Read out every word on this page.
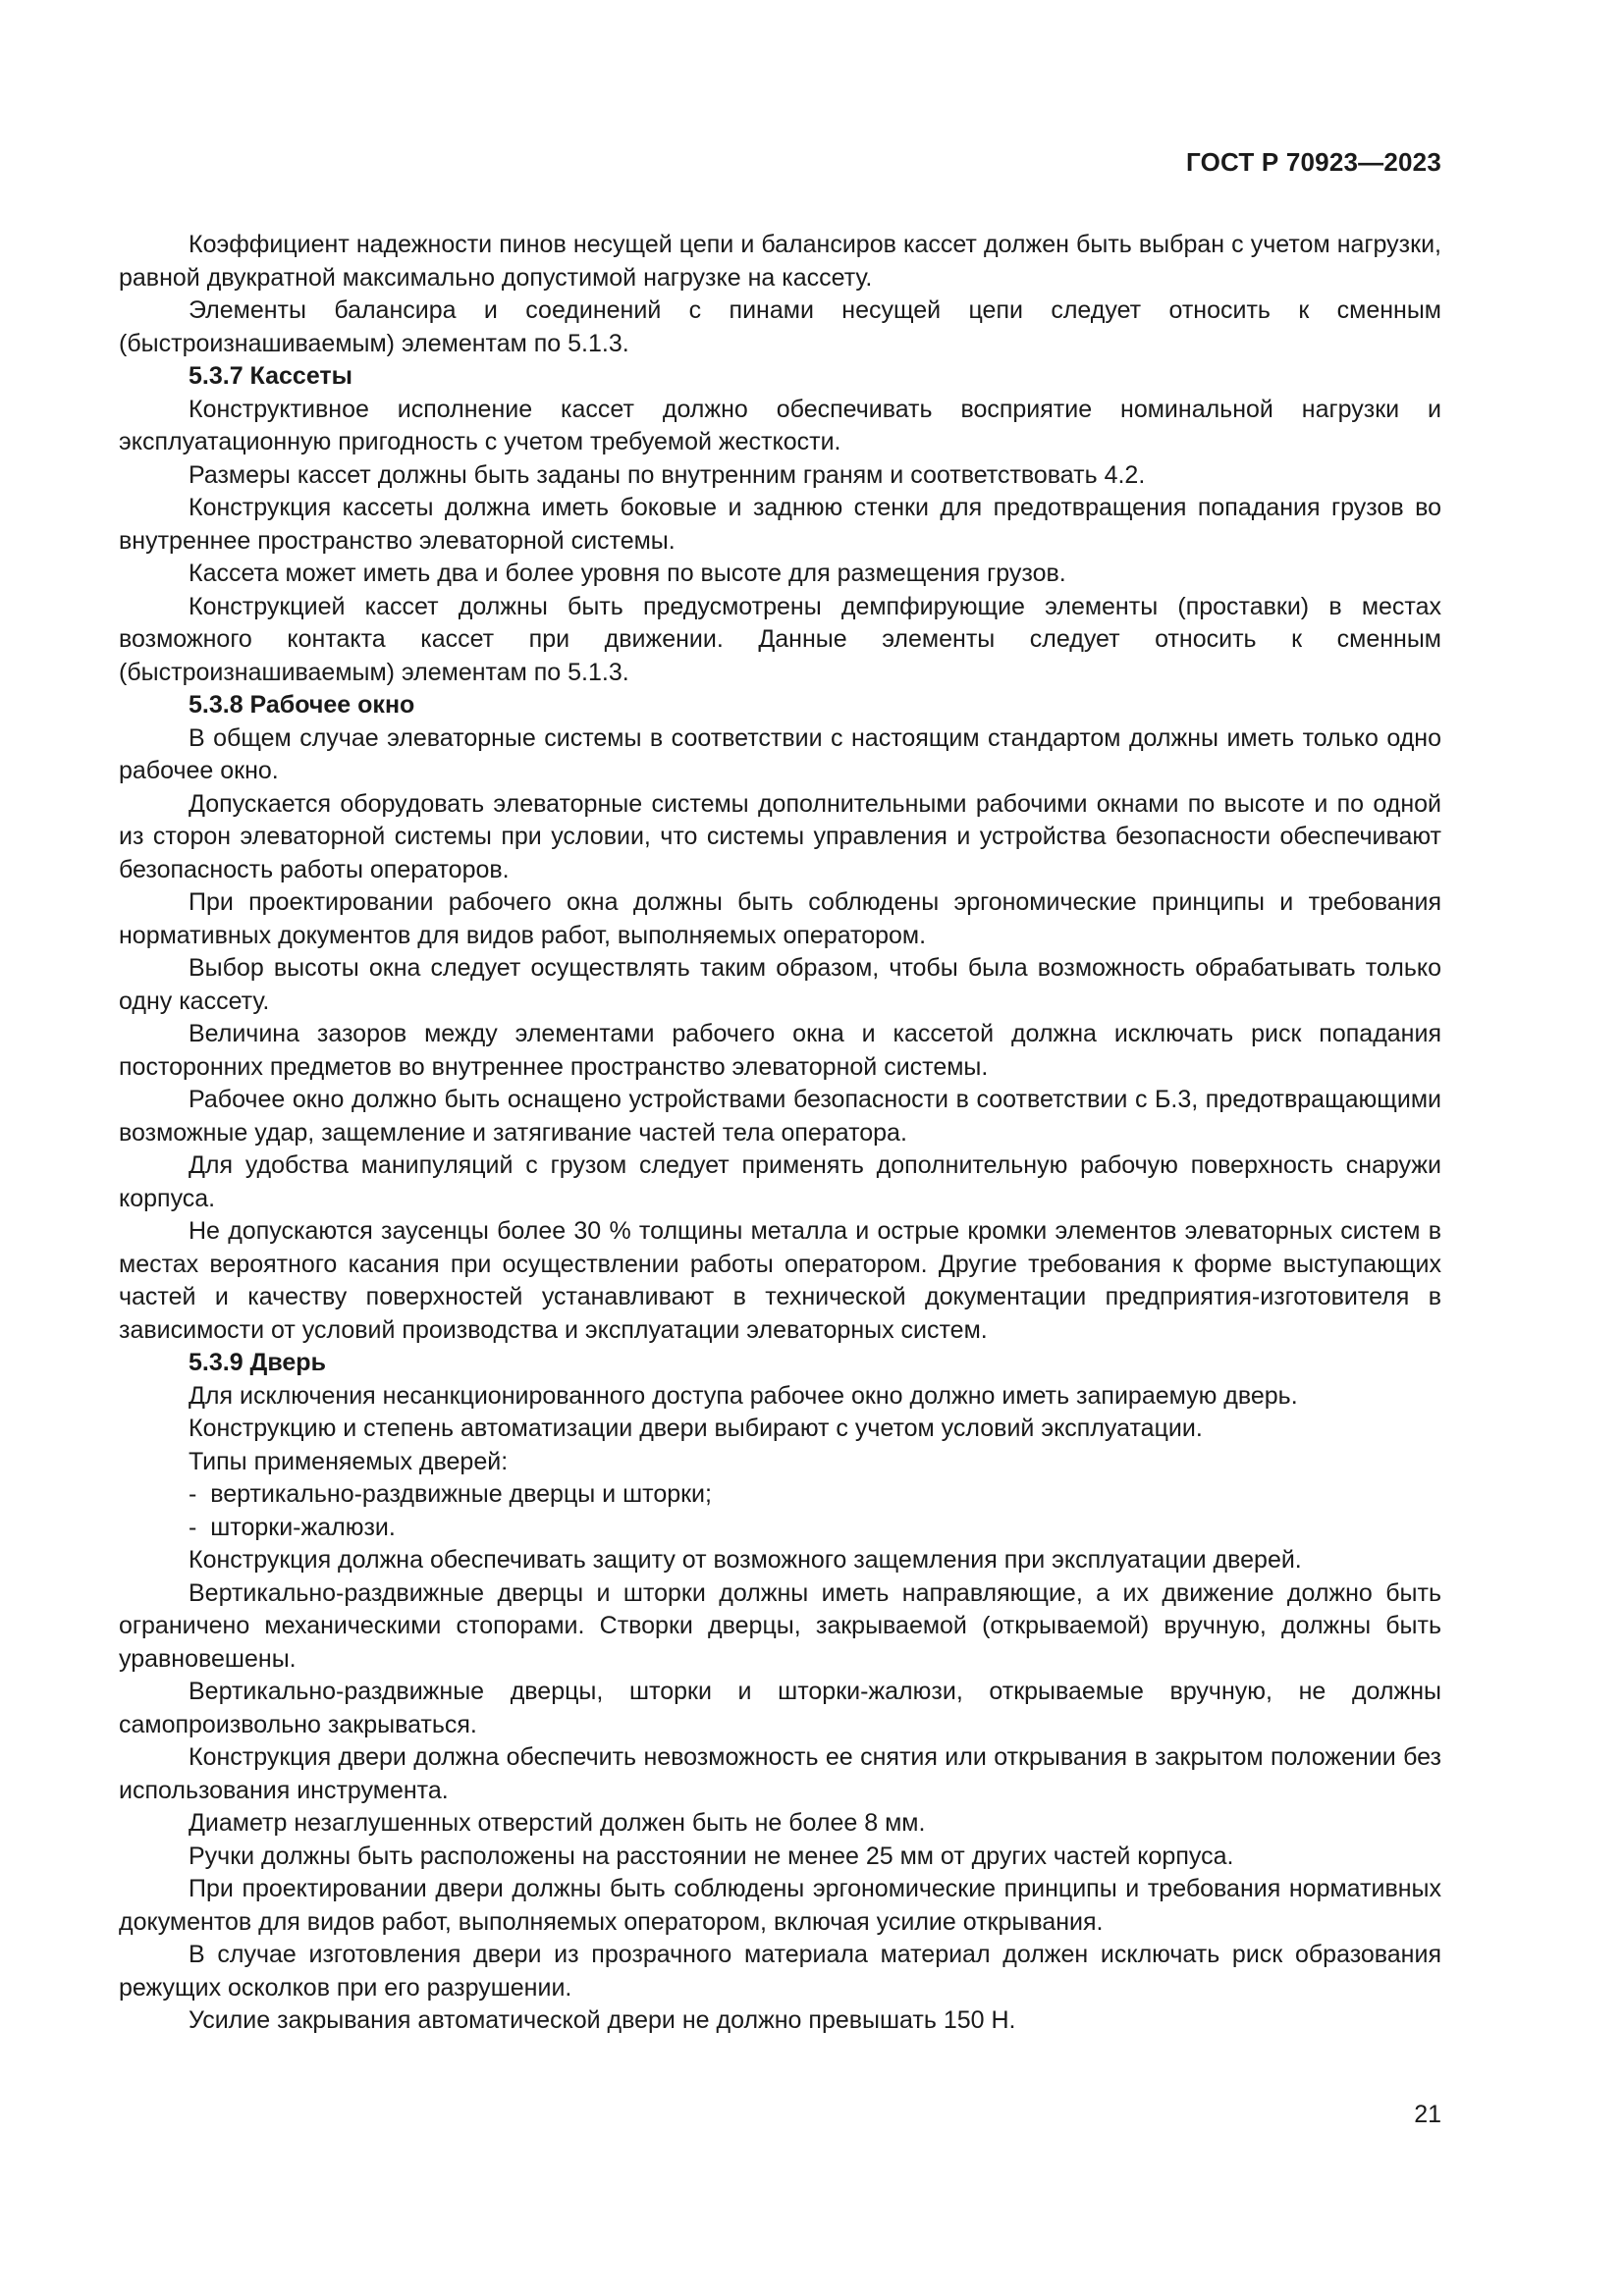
ГОСТ Р 70923—2023

Коэффициент надежности пинов несущей цепи и балансиров кассет должен быть выбран с учетом нагрузки, равной двукратной максимально допустимой нагрузке на кассету.

Элементы балансира и соединений с пинами несущей цепи следует относить к сменным (быстроизнашиваемым) элементам по 5.1.3.

5.3.7 Кассеты

Конструктивное исполнение кассет должно обеспечивать восприятие номинальной нагрузки и эксплуатационную пригодность с учетом требуемой жесткости.

Размеры кассет должны быть заданы по внутренним граням и соответствовать 4.2.

Конструкция кассеты должна иметь боковые и заднюю стенки для предотвращения попадания грузов во внутреннее пространство элеваторной системы.

Кассета может иметь два и более уровня по высоте для размещения грузов.

Конструкцией кассет должны быть предусмотрены демпфирующие элементы (проставки) в местах возможного контакта кассет при движении. Данные элементы следует относить к сменным (быстроизнашиваемым) элементам по 5.1.3.

5.3.8 Рабочее окно

В общем случае элеваторные системы в соответствии с настоящим стандартом должны иметь только одно рабочее окно.

Допускается оборудовать элеваторные системы дополнительными рабочими окнами по высоте и по одной из сторон элеваторной системы при условии, что системы управления и устройства безопасности обеспечивают безопасность работы операторов.

При проектировании рабочего окна должны быть соблюдены эргономические принципы и требования нормативных документов для видов работ, выполняемых оператором.

Выбор высоты окна следует осуществлять таким образом, чтобы была возможность обрабатывать только одну кассету.

Величина зазоров между элементами рабочего окна и кассетой должна исключать риск попадания посторонних предметов во внутреннее пространство элеваторной системы.

Рабочее окно должно быть оснащено устройствами безопасности в соответствии с Б.3, предотвращающими возможные удар, защемление и затягивание частей тела оператора.

Для удобства манипуляций с грузом следует применять дополнительную рабочую поверхность снаружи корпуса.

Не допускаются заусенцы более 30 % толщины металла и острые кромки элементов элеваторных систем в местах вероятного касания при осуществлении работы оператором. Другие требования к форме выступающих частей и качеству поверхностей устанавливают в технической документации предприятия-изготовителя в зависимости от условий производства и эксплуатации элеваторных систем.

5.3.9 Дверь

Для исключения несанкционированного доступа рабочее окно должно иметь запираемую дверь.

Конструкцию и степень автоматизации двери выбирают с учетом условий эксплуатации.

Типы применяемых дверей:

-  вертикально-раздвижные дверцы и шторки;

-  шторки-жалюзи.

Конструкция должна обеспечивать защиту от возможного защемления при эксплуатации дверей.

Вертикально-раздвижные дверцы и шторки должны иметь направляющие, а их движение должно быть ограничено механическими стопорами. Створки дверцы, закрываемой (открываемой) вручную, должны быть уравновешены.

Вертикально-раздвижные дверцы, шторки и шторки-жалюзи, открываемые вручную, не должны самопроизвольно закрываться.

Конструкция двери должна обеспечить невозможность ее снятия или открывания в закрытом положении без использования инструмента.

Диаметр незаглушенных отверстий должен быть не более 8 мм.

Ручки должны быть расположены на расстоянии не менее 25 мм от других частей корпуса.

При проектировании двери должны быть соблюдены эргономические принципы и требования нормативных документов для видов работ, выполняемых оператором, включая усилие открывания.

В случае изготовления двери из прозрачного материала материал должен исключать риск образования режущих осколков при его разрушении.

Усилие закрывания автоматической двери не должно превышать 150 Н.

21
